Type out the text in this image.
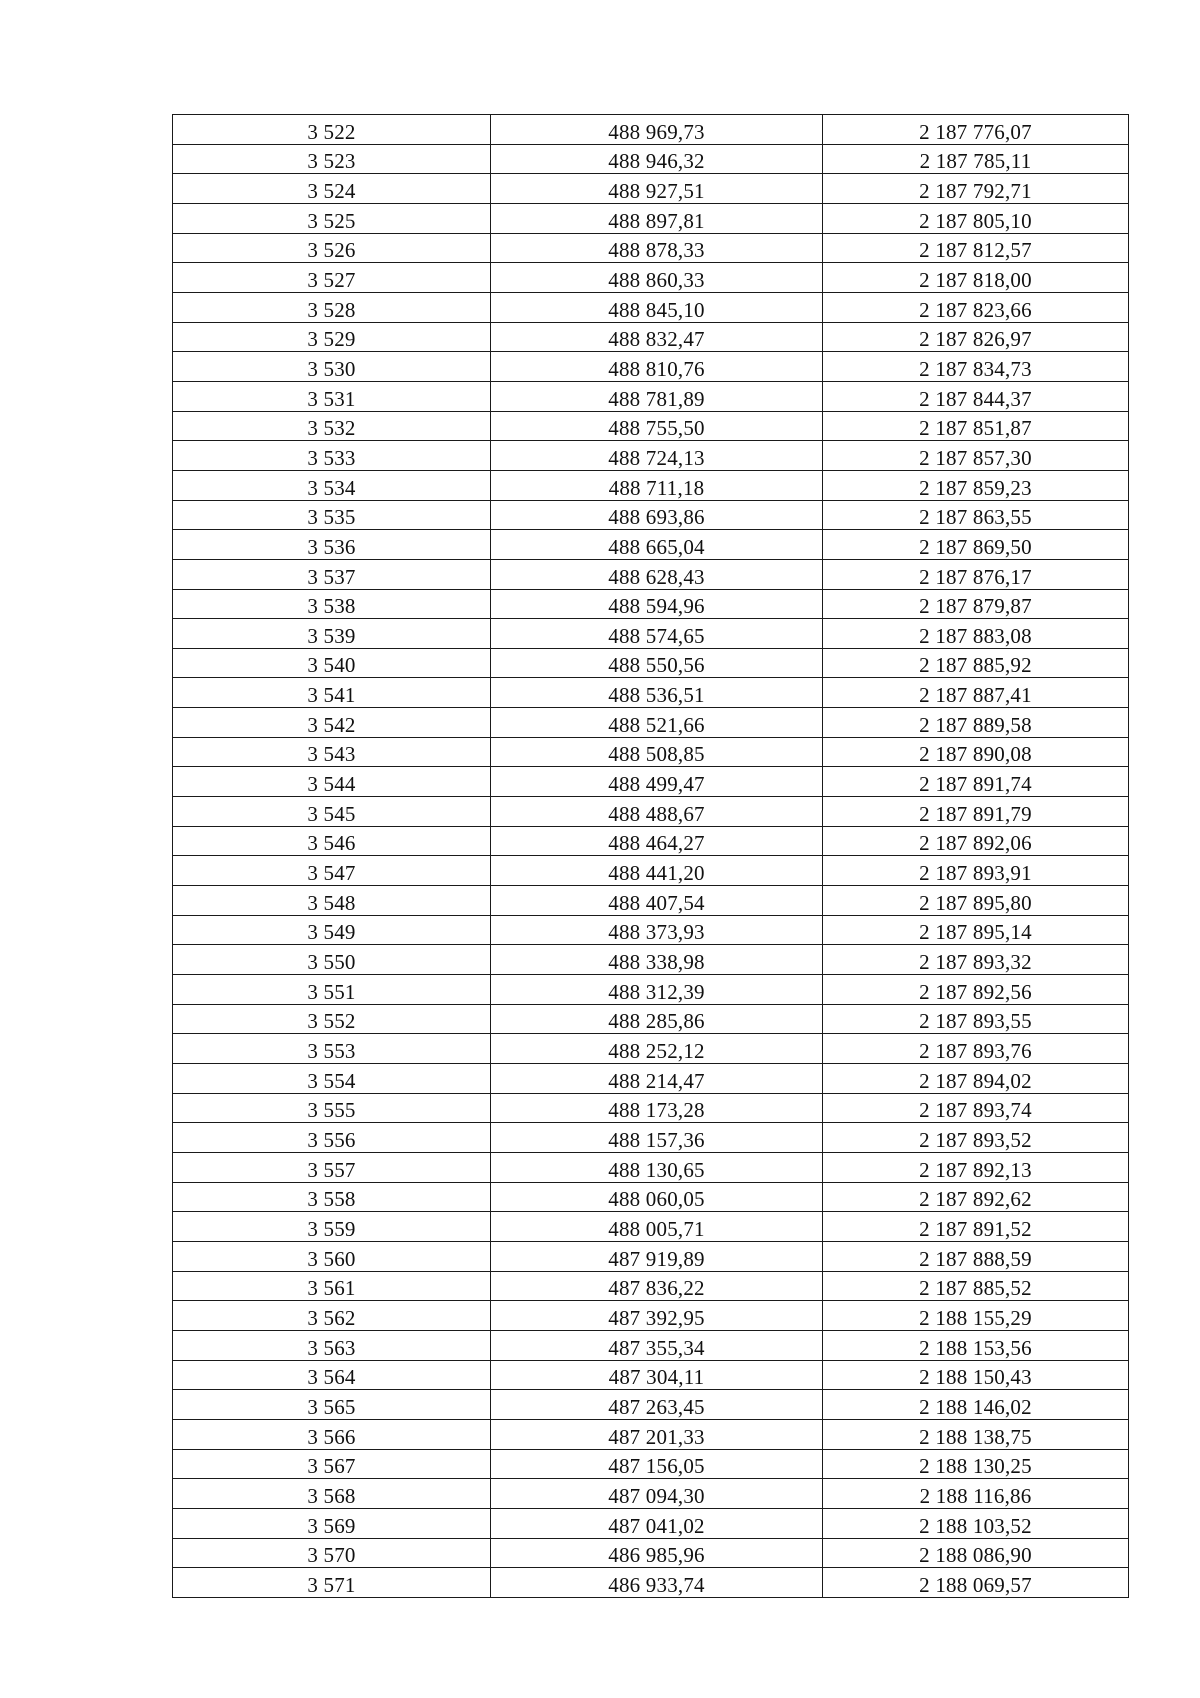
3 522	488 969,73	2 187 776,07
3 523	488 946,32	2 187 785,11
3 524	488 927,51	2 187 792,71
3 525	488 897,81	2 187 805,10
3 526	488 878,33	2 187 812,57
3 527	488 860,33	2 187 818,00
3 528	488 845,10	2 187 823,66
3 529	488 832,47	2 187 826,97
3 530	488 810,76	2 187 834,73
3 531	488 781,89	2 187 844,37
3 532	488 755,50	2 187 851,87
3 533	488 724,13	2 187 857,30
3 534	488 711,18	2 187 859,23
3 535	488 693,86	2 187 863,55
3 536	488 665,04	2 187 869,50
3 537	488 628,43	2 187 876,17
3 538	488 594,96	2 187 879,87
3 539	488 574,65	2 187 883,08
3 540	488 550,56	2 187 885,92
3 541	488 536,51	2 187 887,41
3 542	488 521,66	2 187 889,58
3 543	488 508,85	2 187 890,08
3 544	488 499,47	2 187 891,74
3 545	488 488,67	2 187 891,79
3 546	488 464,27	2 187 892,06
3 547	488 441,20	2 187 893,91
3 548	488 407,54	2 187 895,80
3 549	488 373,93	2 187 895,14
3 550	488 338,98	2 187 893,32
3 551	488 312,39	2 187 892,56
3 552	488 285,86	2 187 893,55
3 553	488 252,12	2 187 893,76
3 554	488 214,47	2 187 894,02
3 555	488 173,28	2 187 893,74
3 556	488 157,36	2 187 893,52
3 557	488 130,65	2 187 892,13
3 558	488 060,05	2 187 892,62
3 559	488 005,71	2 187 891,52
3 560	487 919,89	2 187 888,59
3 561	487 836,22	2 187 885,52
3 562	487 392,95	2 188 155,29
3 563	487 355,34	2 188 153,56
3 564	487 304,11	2 188 150,43
3 565	487 263,45	2 188 146,02
3 566	487 201,33	2 188 138,75
3 567	487 156,05	2 188 130,25
3 568	487 094,30	2 188 116,86
3 569	487 041,02	2 188 103,52
3 570	486 985,96	2 188 086,90
3 571	486 933,74	2 188 069,57
